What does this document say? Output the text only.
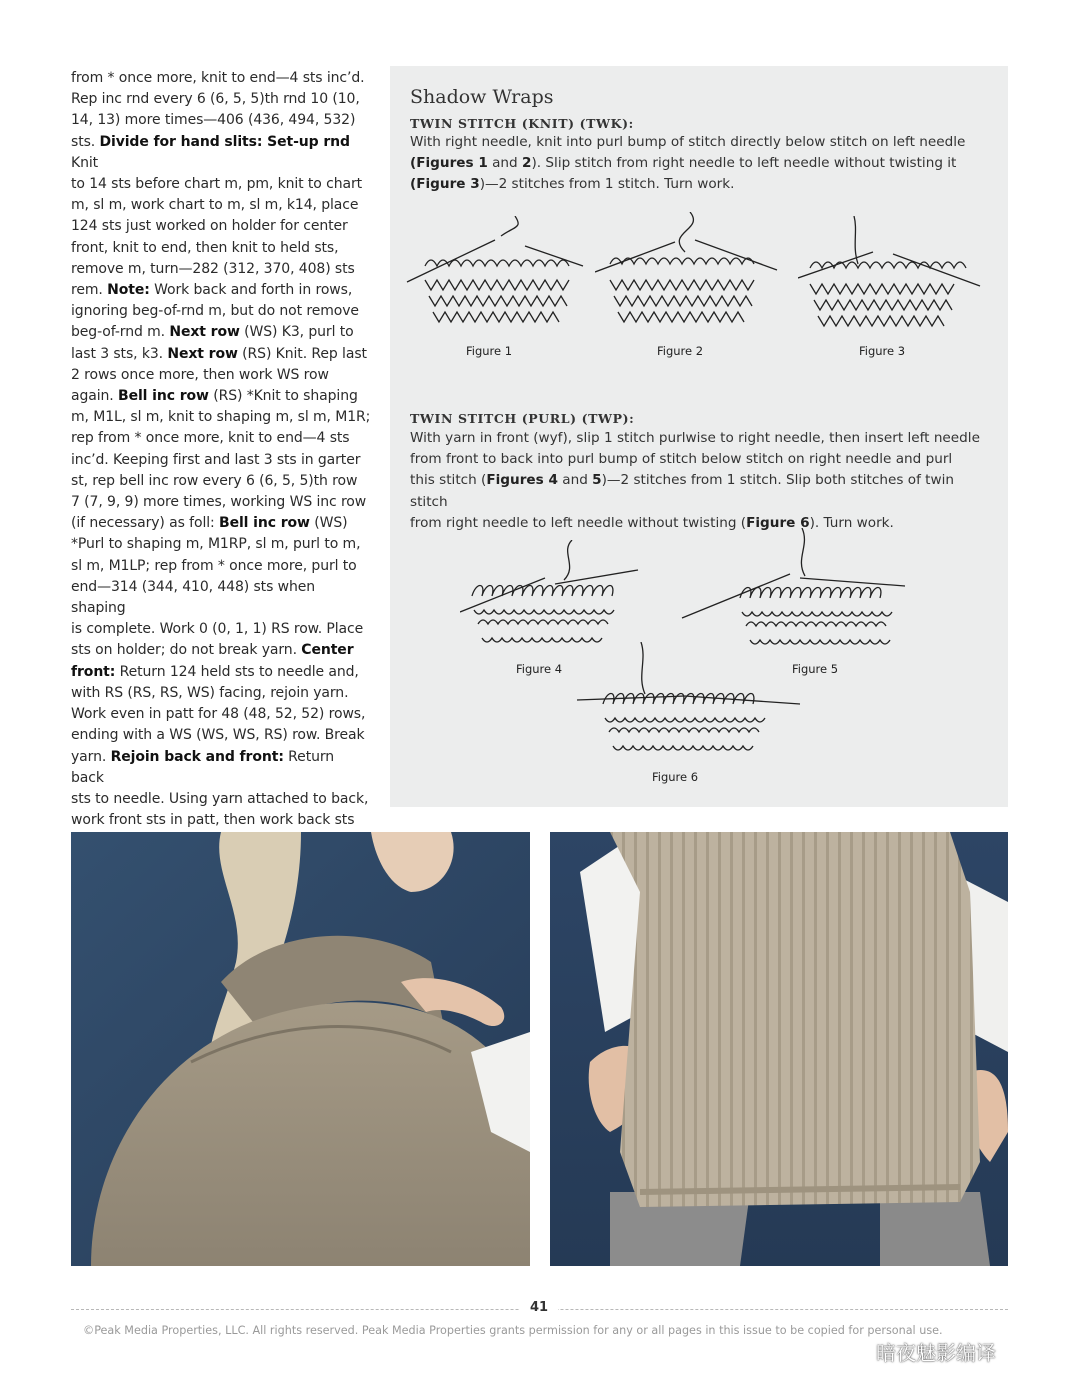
from * once more, knit to end—4 sts inc’d.
Rep inc rnd every 6 (6, 5, 5)th rnd 10 (10,
14, 13) more times—406 (436, 494, 532)
sts. Divide for hand slits: Set-up rnd Knit
to 14 sts before chart m, pm, knit to chart
m, sl m, work chart to m, sl m, k14, place
124 sts just worked on holder for center
front, knit to end, then knit to held sts,
remove m, turn—282 (312, 370, 408) sts
rem. Note: Work back and forth in rows,
ignoring beg-of-rnd m, but do not remove
beg-of-rnd m. Next row (WS) K3, purl to
last 3 sts, k3. Next row (RS) Knit. Rep last
2 rows once more, then work WS row
again. Bell inc row (RS) *Knit to shaping
m, M1L, sl m, knit to shaping m, sl m, M1R;
rep from * once more, knit to end—4 sts
inc’d. Keeping first and last 3 sts in garter
st, rep bell inc row every 6 (6, 5, 5)th row
7 (7, 9, 9) more times, working WS inc row
(if necessary) as foll: Bell inc row (WS)
*Purl to shaping m, M1RP, sl m, purl to m,
sl m, M1LP; rep from * once more, purl to
end—314 (344, 410, 448) sts when shaping
is complete. Work 0 (0, 1, 1) RS row. Place
sts on holder; do not break yarn. Center
front: Return 124 held sts to needle and,
with RS (RS, RS, WS) facing, rejoin yarn.
Work even in patt for 48 (48, 52, 52) rows,
ending with a WS (WS, WS, RS) row. Break
yarn. Rejoin back and front: Return back
sts to needle. Using yarn attached to back,
work front sts in patt, then work back sts
Shadow Wraps
TWIN STITCH (KNIT) (TWK):
With right needle, knit into purl bump of stitch directly below stitch on left needle
(Figures 1 and 2). Slip stitch from right needle to left needle without twisting it
(Figure 3)—2 stitches from 1 stitch. Turn work.
Figure 1	Figure 2	Figure 3
TWIN STITCH (PURL) (TWP):
With yarn in front (wyf), slip 1 stitch purlwise to right needle, then insert left needle
from front to back into purl bump of stitch below stitch on right needle and purl
this stitch (Figures 4 and 5)—2 stitches from 1 stitch. Slip both stitches of twin stitch
from right needle to left needle without twisting (Figure 6). Turn work.
Figure 4	Figure 5
Figure 6
41
©Peak Media Properties, LLC. All rights reserved. Peak Media Properties grants permission for any or all pages in this issue to be copied for personal use.
暗夜魅影编译
